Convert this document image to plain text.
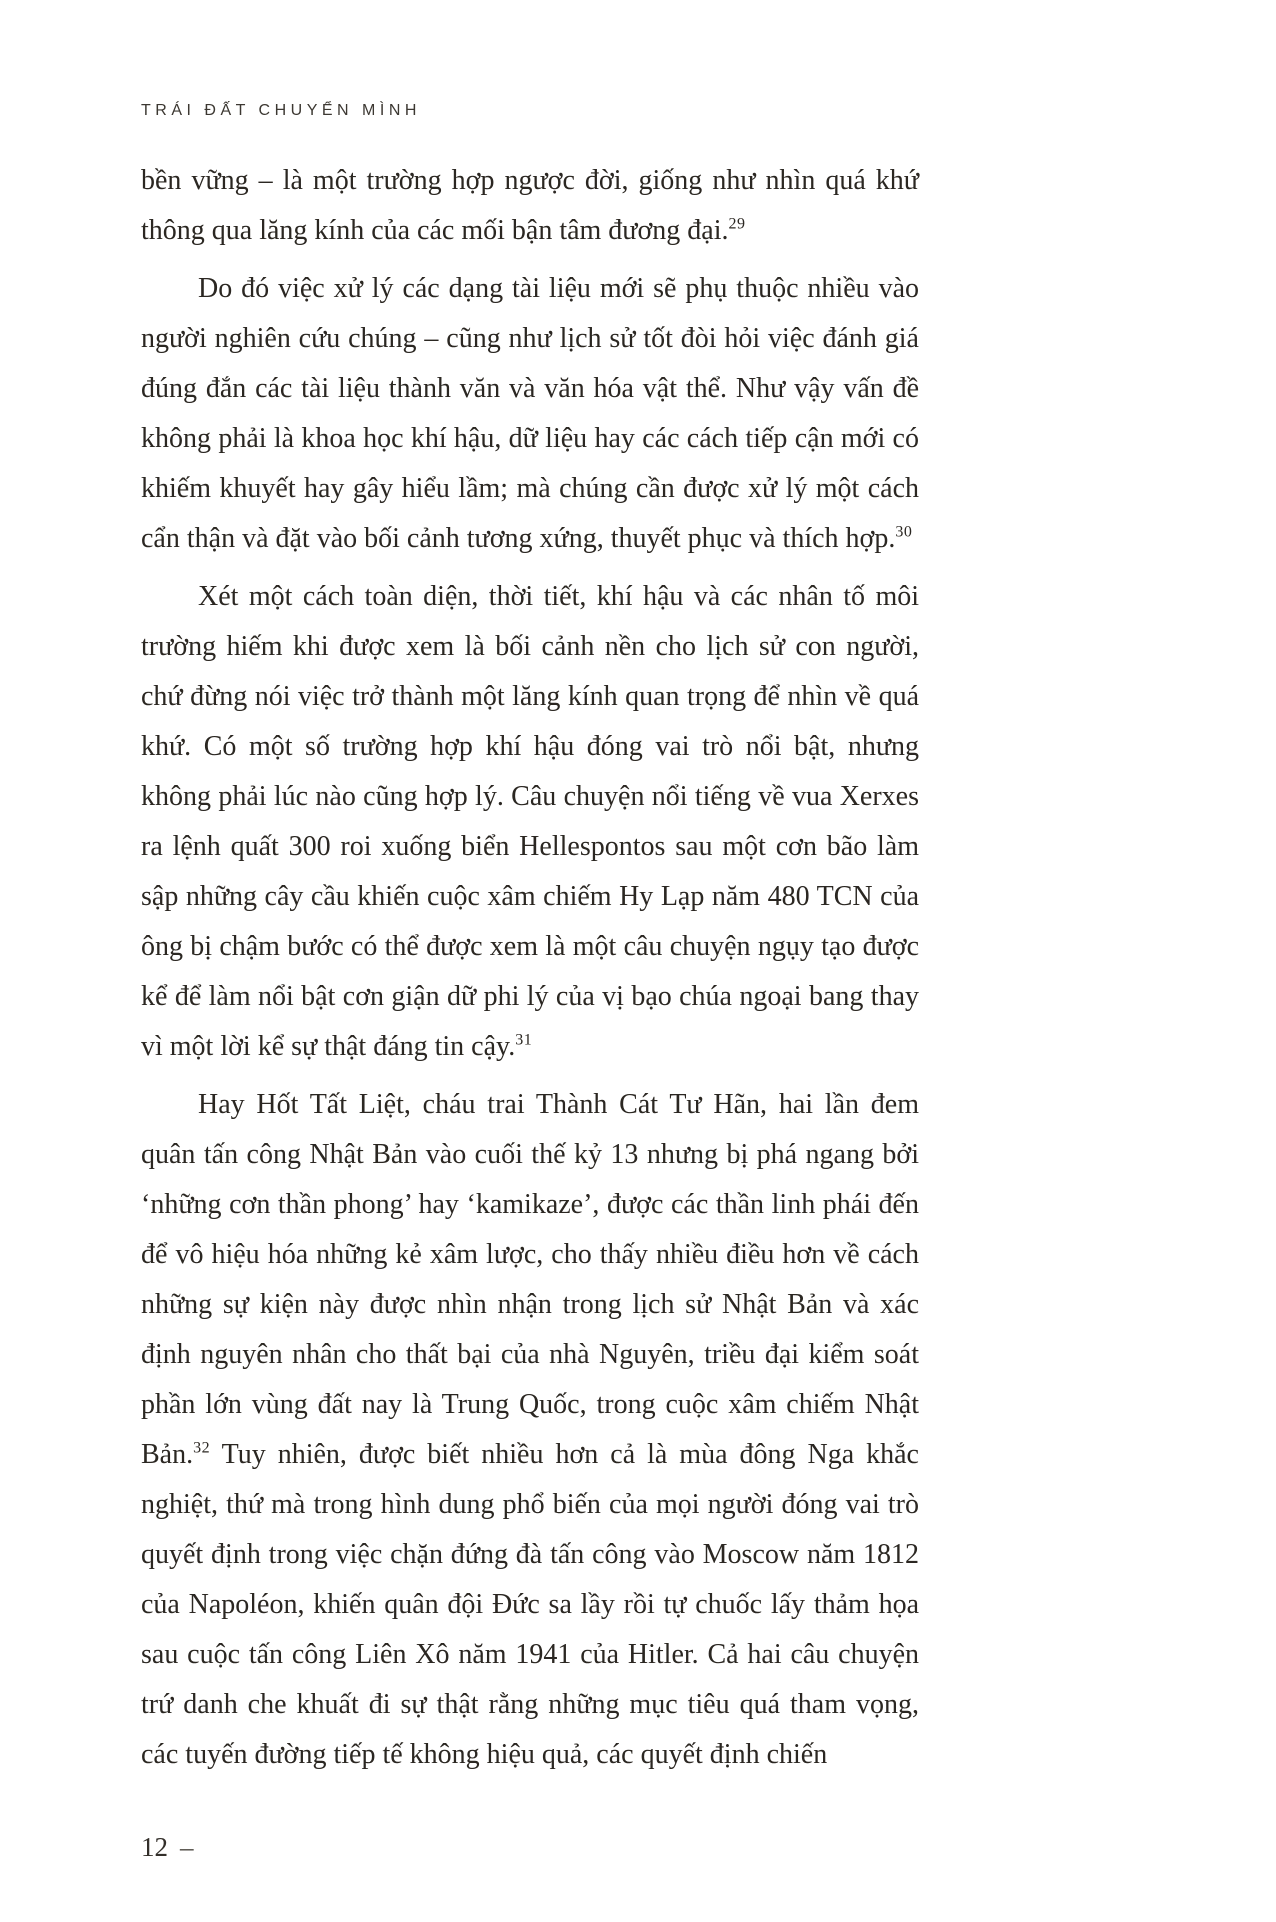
TRÁI ĐẤT CHUYỂN MÌNH

bền vững – là một trường hợp ngược đời, giống như nhìn quá khứ thông qua lăng kính của các mối bận tâm đương đại.$^{29}$

Do đó việc xử lý các dạng tài liệu mới sẽ phụ thuộc nhiều vào người nghiên cứu chúng – cũng như lịch sử tốt đòi hỏi việc đánh giá đúng đắn các tài liệu thành văn và văn hóa vật thể. Như vậy vấn đề không phải là khoa học khí hậu, dữ liệu hay các cách tiếp cận mới có khiếm khuyết hay gây hiểu lầm; mà chúng cần được xử lý một cách cẩn thận và đặt vào bối cảnh tương xứng, thuyết phục và thích hợp.$^{30}$

Xét một cách toàn diện, thời tiết, khí hậu và các nhân tố môi trường hiếm khi được xem là bối cảnh nền cho lịch sử con người, chứ đừng nói việc trở thành một lăng kính quan trọng để nhìn về quá khứ. Có một số trường hợp khí hậu đóng vai trò nổi bật, nhưng không phải lúc nào cũng hợp lý. Câu chuyện nổi tiếng về vua Xerxes ra lệnh quất 300 roi xuống biển Hellespontos sau một cơn bão làm sập những cây cầu khiến cuộc xâm chiếm Hy Lạp năm 480 TCN của ông bị chậm bước có thể được xem là một câu chuyện ngụy tạo được kể để làm nổi bật cơn giận dữ phi lý của vị bạo chúa ngoại bang thay vì một lời kể sự thật đáng tin cậy.$^{31}$

Hay Hốt Tất Liệt, cháu trai Thành Cát Tư Hãn, hai lần đem quân tấn công Nhật Bản vào cuối thế kỷ 13 nhưng bị phá ngang bởi ‘những cơn thần phong’ hay ‘kamikaze’, được các thần linh phái đến để vô hiệu hóa những kẻ xâm lược, cho thấy nhiều điều hơn về cách những sự kiện này được nhìn nhận trong lịch sử Nhật Bản và xác định nguyên nhân cho thất bại của nhà Nguyên, triều đại kiểm soát phần lớn vùng đất nay là Trung Quốc, trong cuộc xâm chiếm Nhật Bản.$^{32}$ Tuy nhiên, được biết nhiều hơn cả là mùa đông Nga khắc nghiệt, thứ mà trong hình dung phổ biến của mọi người đóng vai trò quyết định trong việc chặn đứng đà tấn công vào Moscow năm 1812 của Napoléon, khiến quân đội Đức sa lầy rồi tự chuốc lấy thảm họa sau cuộc tấn công Liên Xô năm 1941 của Hitler. Cả hai câu chuyện trứ danh che khuất đi sự thật rằng những mục tiêu quá tham vọng, các tuyến đường tiếp tế không hiệu quả, các quyết định chiến

12 –
